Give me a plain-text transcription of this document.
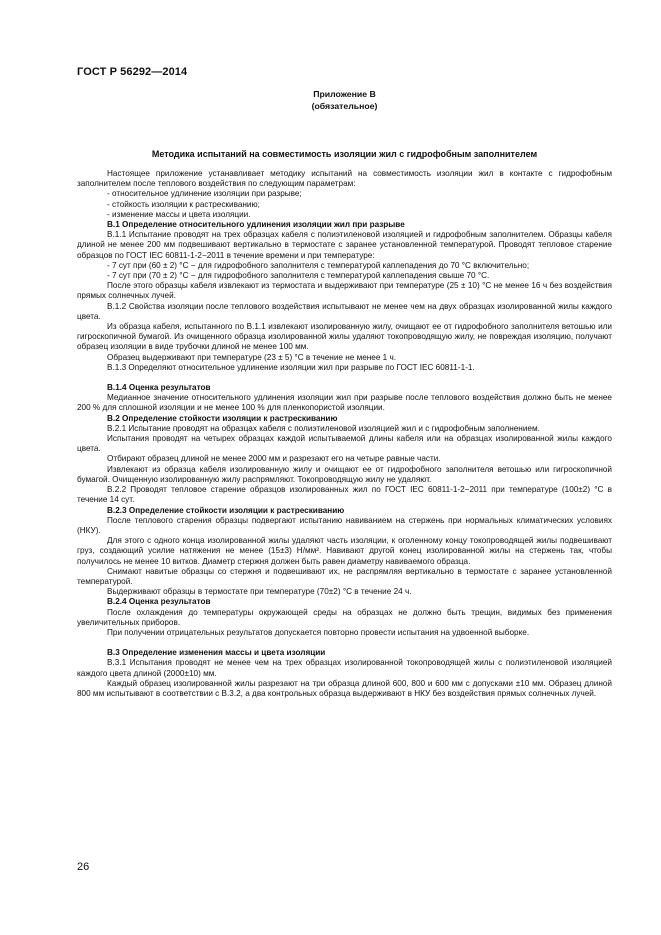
ГОСТ Р 56292—2014
Приложение В
(обязательное)
Методика испытаний на совместимость изоляции жил с гидрофобным заполнителем

Настоящее приложение устанавливает методику испытаний на совместимость изоляции жил в контакте с гидрофобным заполнителем после теплового воздействия по следующим параметрам:

- относительное удлинение изоляции при разрыве;

- стойкость изоляции к растрескиванию;

- изменение массы и цвета изоляции.

В.1 Определение относительного удлинения изоляции жил при разрыве

В.1.1 Испытание проводят на трех образцах кабеля с полиэтиленовой изоляцией и гидрофобным заполнителем. Образцы кабеля длиной не менее 200 мм подвешивают вертикально в термостате с заранее установленной температурой. Проводят тепловое старение образцов по ГОСТ IEC 60811-1-2−2011 в течение времени и при температуре:

- 7 сут при (60 ± 2) °С − для гидрофобного заполнителя с температурой каплепадения до 70 °С включительно;

- 7 сут при (70 ± 2) °С − для гидрофобного заполнителя с температурой каплепадения свыше 70 °С.

После этого образцы кабеля извлекают из термостата и выдерживают при температуре (25 ± 10) °С не менее 16 ч без воздействия прямых солнечных лучей.

В.1.2 Свойства изоляции после теплового воздействия испытывают не менее чем на двух образцах изолированной жилы каждого цвета.

Из образца кабеля, испытанного по В.1.1 извлекают изолированную жилу, очищают ее от гидрофобного заполнителя ветошью или гигроскопичной бумагой. Из очищенного образца изолированной жилы удаляют токопроводящую жилу, не повреждая изоляцию, получают образец изоляции в виде трубочки длиной не менее 100 мм.

Образец выдерживают при температуре (23 ± 5) °С в течение не менее 1 ч.

В.1.3 Определяют относительное удлинение изоляции жил при разрыве по ГОСТ IEC 60811-1-1.

В.1.4 Оценка результатов

Медианное значение относительного удлинения изоляции жил при разрыве после теплового воздействия должно быть не менее 200 % для сплошной изоляции и не менее 100 % для пленкопористой изоляции.

В.2 Определение стойкости изоляции к растрескиванию

В.2.1 Испытание проводят на образцах кабеля с полиэтиленовой изоляцией жил и с гидрофобным заполнением.

Испытания проводят на четырех образцах каждой испытываемой длины кабеля или на образцах изолированной жилы каждого цвета.

Отбирают образец длиной не менее 2000 мм и разрезают его на четыре равные части.

Извлекают из образца кабеля изолированную жилу и очищают ее от гидрофобного заполнителя ветошью или гигроскопичной бумагой. Очищенную изолированную жилу распрямляют. Токопроводящую жилу не удаляют.

В.2.2 Проводят тепловое старение образцов изолированных жил по ГОСТ IEC 60811-1-2−2011 при температуре (100±2) °С в течение 14 сут.

В.2.3 Определение стойкости изоляции к растрескиванию

После теплового старения образцы подвергают испытанию навиванием на стержень при нормальных климатических условиях (НКУ).

Для этого с одного конца изолированной жилы удаляют часть изоляции, к оголенному концу токопроводящей жилы подвешивают груз, создающий усилие натяжения не менее (15±3) Н/мм². Навивают другой конец изолированной жилы на стержень так, чтобы получилось не менее 10 витков. Диаметр стержня должен быть равен диаметру навиваемого образца.

Снимают навитые образцы со стержня и подвешивают их, не распрямляя вертикально в термостате с заранее установленной температурой.

Выдерживают образцы в термостате при температуре (70±2) °С в течение 24 ч.

В.2.4 Оценка результатов

После охлаждения до температуры окружающей среды на образцах не должно быть трещин, видимых без применения увеличительных приборов.

При получении отрицательных результатов допускается повторно провести испытания на удвоенной выборке.

В.3 Определение изменения массы и цвета изоляции

В.3.1 Испытания проводят не менее чем на трех образцах изолированной токопроводящей жилы с полиэтиленовой изоляцией каждого цвета длиной (2000±10) мм.

Каждый образец изолированной жилы разрезают на три образца длиной 600, 800 и 600 мм с допусками ±10 мм. Образец длиной 800 мм испытывают в соответствии с В.3.2, а два контрольных образца выдерживают в НКУ без воздействия прямых солнечных лучей.

26
